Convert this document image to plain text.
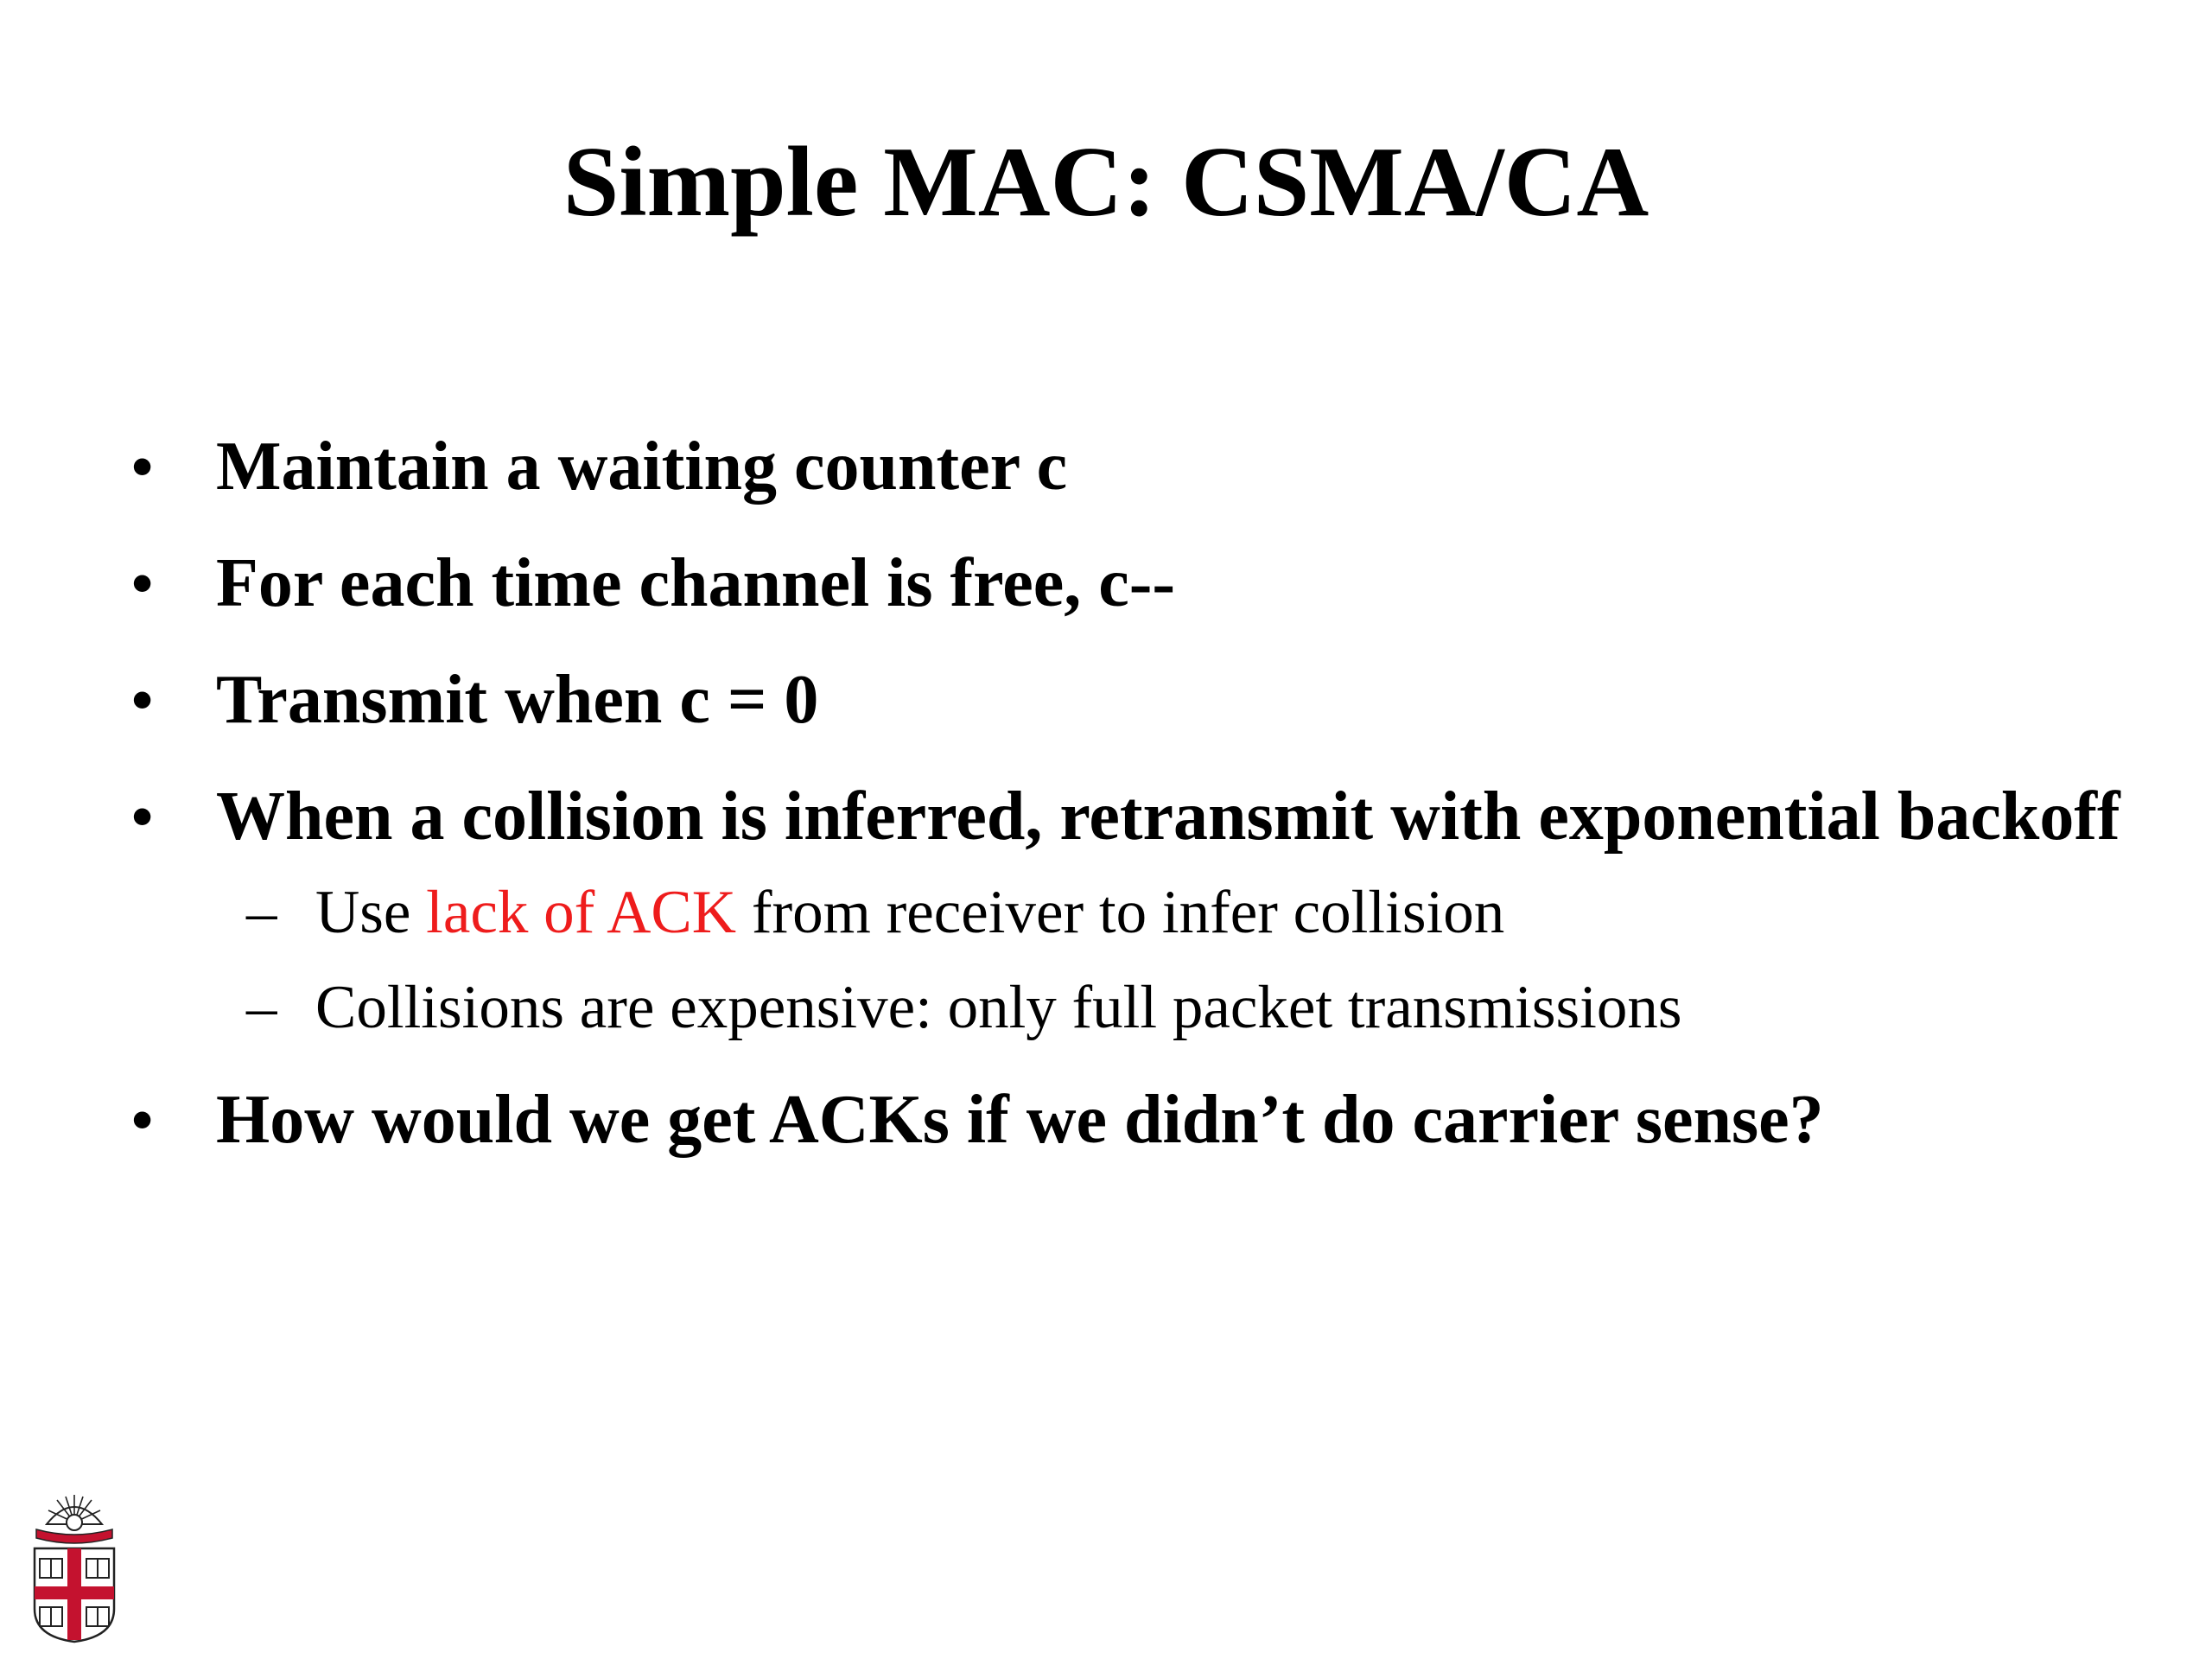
Simple MAC: CSMA/CA
• Maintain a waiting counter c
• For each time channel is free, c--
• Transmit when c = 0
• When a collision is inferred, retransmit with exponential backoff
– Use lack of ACK from receiver to infer collision
– Collisions are expensive: only full packet transmissions
• How would we get ACKs if we didn’t do carrier sense?
